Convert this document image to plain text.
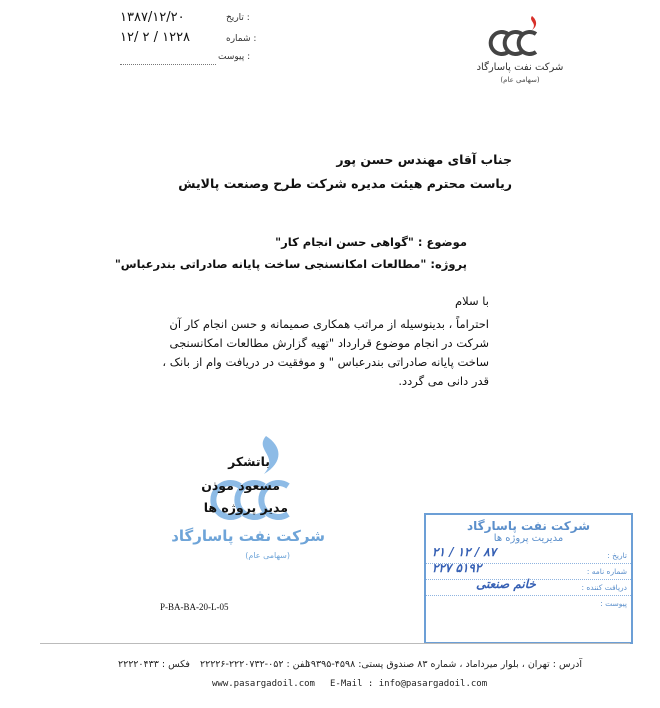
تاریخ :
۱۳۸۷/۱۲/۲۰
شماره :
۱۲/ ۲ / ۱۲۲۸
پیوست :
شرکت نفت پاسارگاد
(سهامی عام)
جناب آقای مهندس حسن پور
ریاست محترم هیئت مدیره شرکت طرح وصنعت پالایش
موضوع : "گواهی حسن انجام کار"
پروژه: "مطالعات امکانسنجی ساخت پایانه صادراتی بندرعباس"
با سلام
احتراماً ، بدینوسیله از مراتب همکاری صمیمانه و حسن انجام کار آن
شرکت در انجام موضوع قرارداد "تهیه گزارش مطالعات امکانسنجی
ساخت پایانه صادراتی بندرعباس " و موفقیت در دریافت وام از بانک ،
قدر دانی می گردد.
باتشکر
مسعود موذن
مدیر پروژه ها
شرکت نفت پاسارگاد
(سهامی عام)
شرکت نفت پاسارگاد
مدیریت پروژه ها
تاریخ :
۸۷ / ۱۲ / ۲۱
شماره نامه :
۵۱۹۲ ۲۲۷
دریافت کننده :
خانم صنعتی
پیوست :
P-BA-BA-20-L-05
آدرس : تهران ، بلوار میرداماد ، شماره ۸۳ صندوق پستی: ۴۵۹۸-۱۹۳۹۵
تلفن : ۰۵۲-۲۲۲۰۷۳۲-۲۲۲۲۶
فکس : ۲۲۲۲۰۴۳۳
www.pasargadoil.com E-Mail : info@pasargadoil.com
